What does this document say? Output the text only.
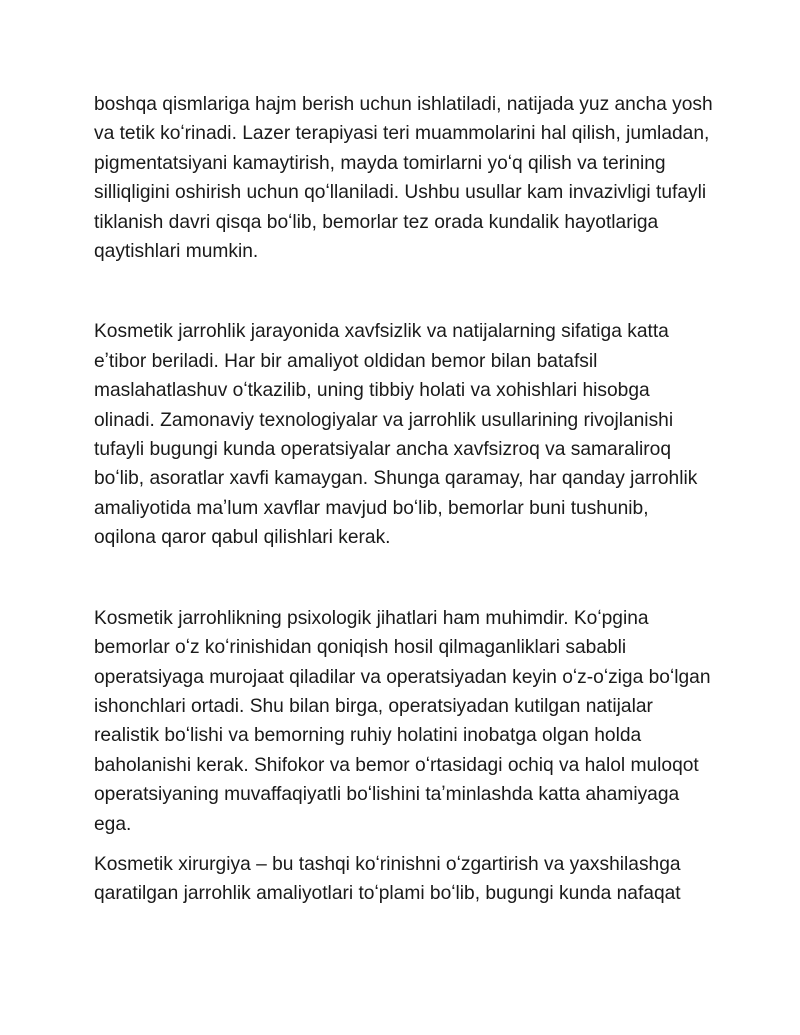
boshqa qismlariga hajm berish uchun ishlatiladi, natijada yuz ancha yosh va tetik koʻrinadi. Lazer terapiyasi teri muammolarini hal qilish, jumladan, pigmentatsiyani kamaytirish, mayda tomirlarni yoʻq qilish va terining silliqligini oshirish uchun qoʻllaniladi. Ushbu usullar kam invazivligi tufayli tiklanish davri qisqa boʻlib, bemorlar tez orada kundalik hayotlariga qaytishlari mumkin.

Kosmetik jarrohlik jarayonida xavfsizlik va natijalarning sifatiga katta eʼtibor beriladi. Har bir amaliyot oldidan bemor bilan batafsil maslahatlashuv oʻtkazilib, uning tibbiy holati va xohishlari hisobga olinadi. Zamonaviy texnologiyalar va jarrohlik usullarining rivojlanishi tufayli bugungi kunda operatsiyalar ancha xavfsizroq va samaraliroq boʻlib, asoratlar xavfi kamaygan. Shunga qaramay, har qanday jarrohlik amaliyotida maʼlum xavflar mavjud boʻlib, bemorlar buni tushunib, oqilona qaror qabul qilishlari kerak.

Kosmetik jarrohlikning psixologik jihatlari ham muhimdir. Koʻpgina bemorlar oʻz koʻrinishidan qoniqish hosil qilmaganliklari sababli operatsiyaga murojaat qiladilar va operatsiyadan keyin oʻz-oʻziga boʻlgan ishonchlari ortadi. Shu bilan birga, operatsiyadan kutilgan natijalar realistik boʻlishi va bemorning ruhiy holatini inobatga olgan holda baholanishi kerak. Shifokor va bemor oʻrtasidagi ochiq va halol muloqot operatsiyaning muvaffaqiyatli boʻlishini taʼminlashda katta ahamiyaga ega.

Kosmetik xirurgiya – bu tashqi koʻrinishni oʻzgartirish va yaxshilashga qaratilgan jarrohlik amaliyotlari toʻplami boʻlib, bugungi kunda nafaqat
